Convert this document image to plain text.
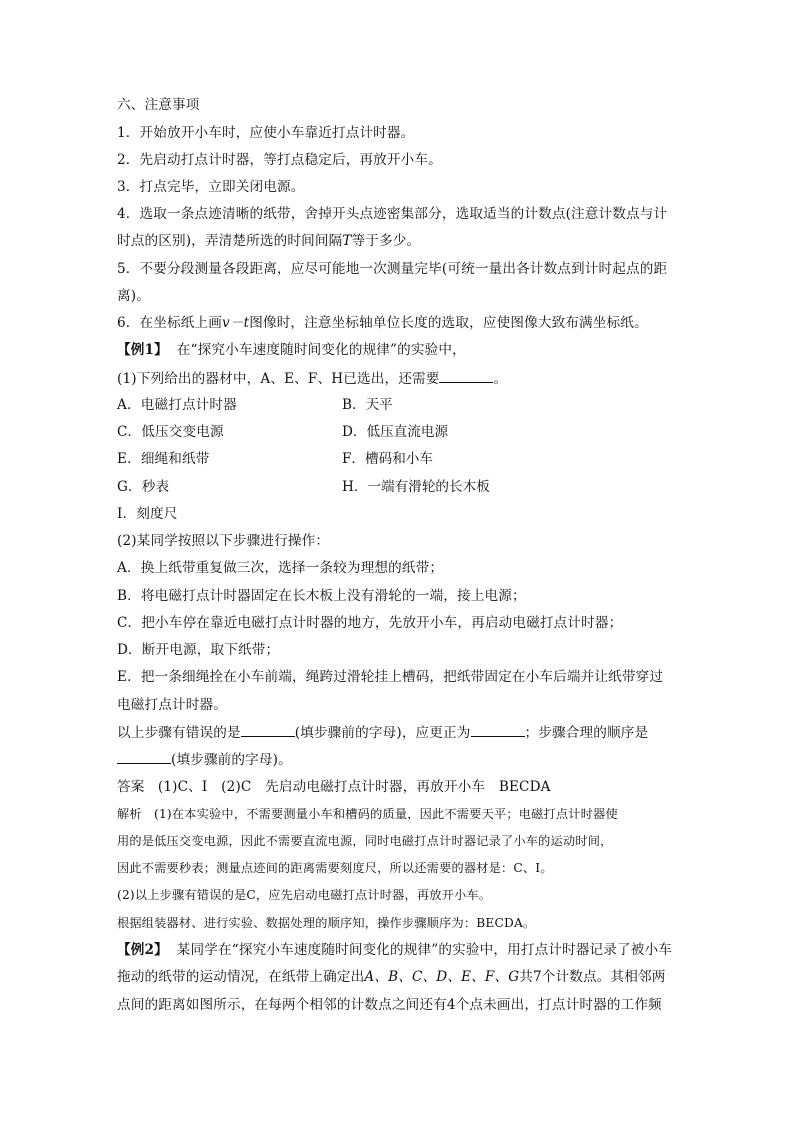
六、注意事项
1．开始放开小车时，应使小车靠近打点计时器。
2．先启动打点计时器，等打点稳定后，再放开小车。
3．打点完毕，立即关闭电源。
4．选取一条点迹清晰的纸带，舍掉开头点迹密集部分，选取适当的计数点(注意计数点与计
时点的区别)，弄清楚所选的时间间隔T等于多少。
5．不要分段测量各段距离，应尽可能地一次测量完毕(可统一量出各计数点到计时起点的距
离)。
6．在坐标纸上画v－t图像时，注意坐标轴单位长度的选取，应使图像大致布满坐标纸。
【例1】 在“探究小车速度随时间变化的规律”的实验中，
(1)下列给出的器材中，A、E、F、H已选出，还需要	。
A．电磁打点计时器	B．天平
C．低压交变电源	D．低压直流电源
E．细绳和纸带	F．槽码和小车
G．秒表	H．一端有滑轮的长木板
I．刻度尺
(2)某同学按照以下步骤进行操作：
A．换上纸带重复做三次，选择一条较为理想的纸带；
B．将电磁打点计时器固定在长木板上没有滑轮的一端，接上电源；
C．把小车停在靠近电磁打点计时器的地方，先放开小车，再启动电磁打点计时器；
D．断开电源，取下纸带；
E．把一条细绳拴在小车前端，绳跨过滑轮挂上槽码，把纸带固定在小车后端并让纸带穿过
电磁打点计时器。
以上步骤有错误的是	(填步骤前的字母)，应更正为	；步骤合理的顺序是
(填步骤前的字母)。
答案 (1)C、I　(2)C　先启动电磁打点计时器，再放开小车　BECDA
解析 (1)在本实验中，不需要测量小车和槽码的质量，因此不需要天平；电磁打点计时器使
用的是低压交变电源，因此不需要直流电源，同时电磁打点计时器记录了小车的运动时间，
因此不需要秒表；测量点迹间的距离需要刻度尺，所以还需要的器材是：C、I。
(2)以上步骤有错误的是C，应先启动电磁打点计时器，再放开小车。
根据组装器材、进行实验、数据处理的顺序知，操作步骤顺序为：BECDA。
【例2】 某同学在“探究小车速度随时间变化的规律”的实验中，用打点计时器记录了被小车
拖动的纸带的运动情况，在纸带上确定出A、B、C、D、E、F、G共7个计数点。其相邻两
点间的距离如图所示，在每两个相邻的计数点之间还有4个点未画出，打点计时器的工作频
